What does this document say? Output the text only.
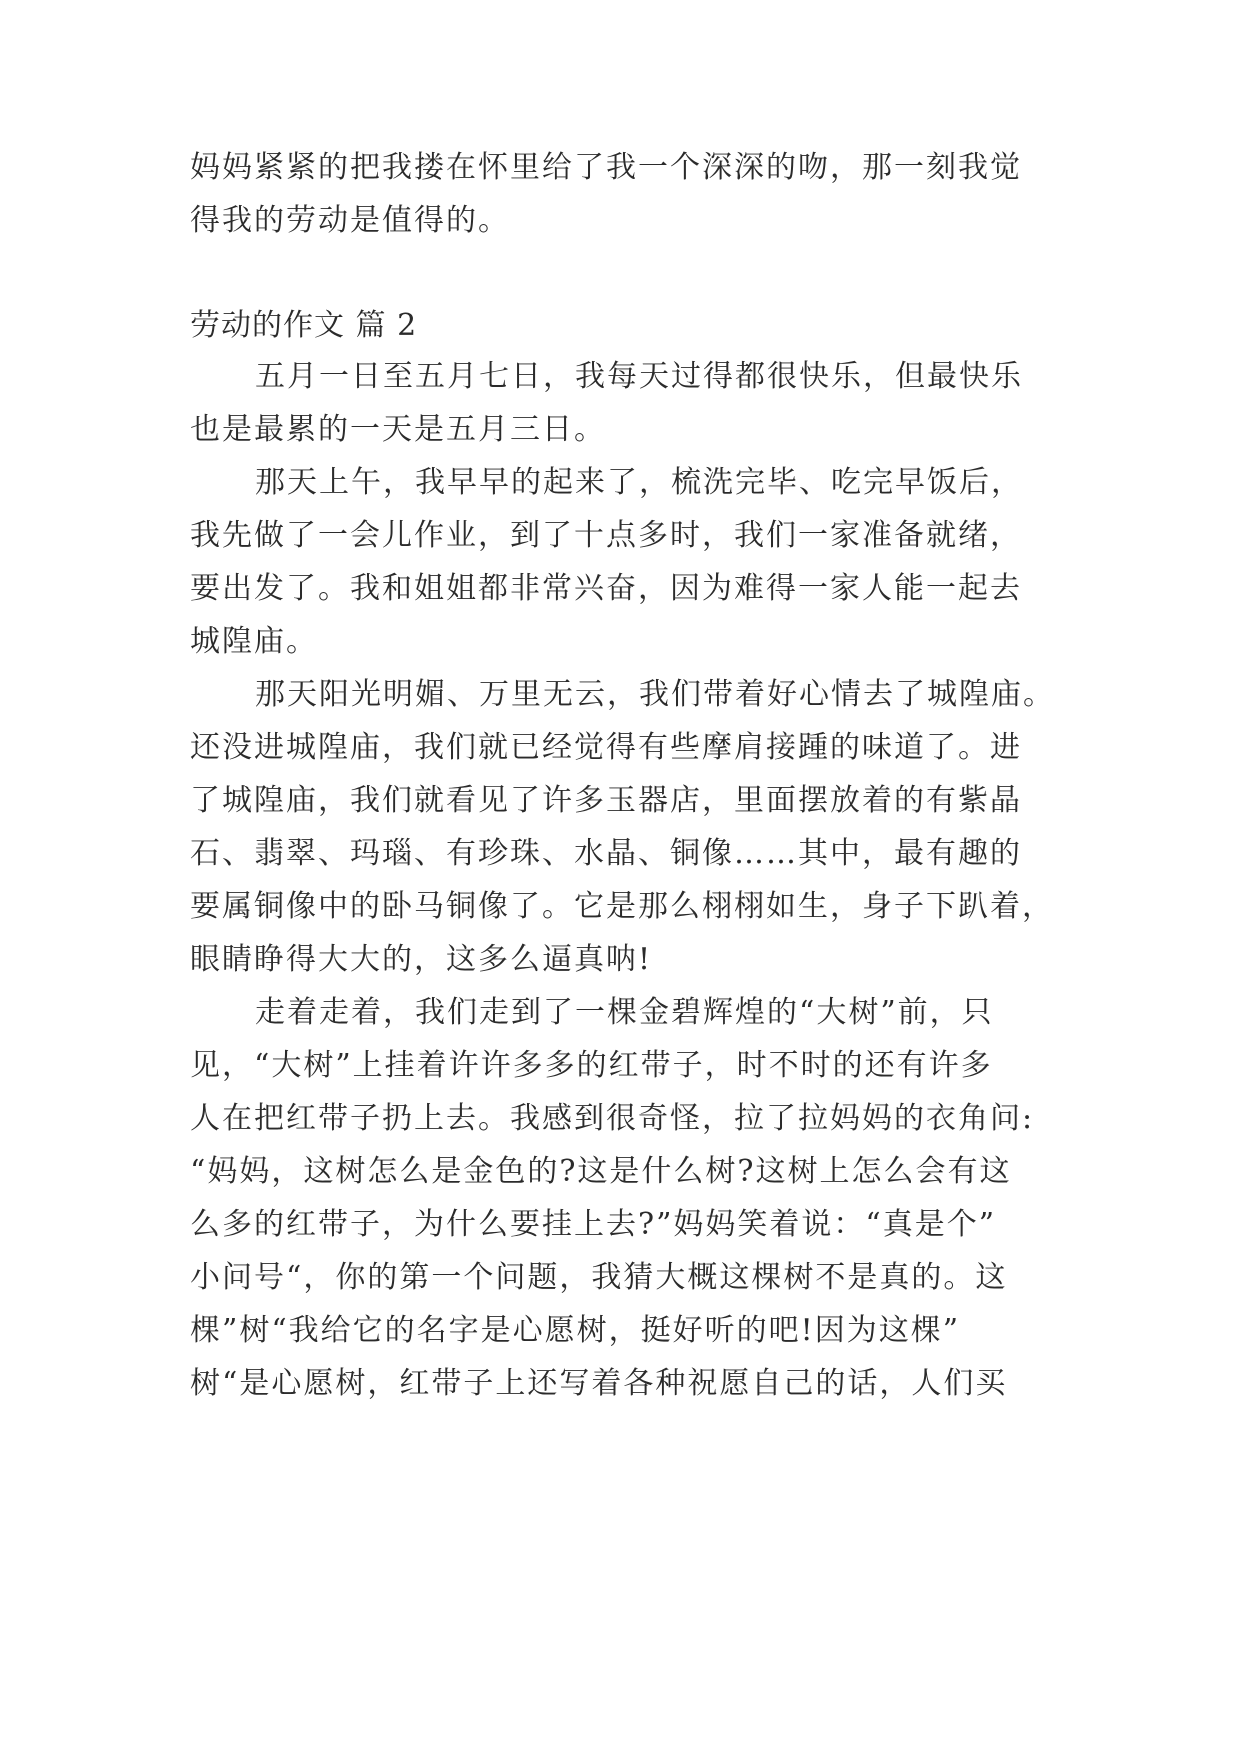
妈妈紧紧的把我搂在怀里给了我一个深深的吻，那一刻我觉
得我的劳动是值得的。
劳动的作文 篇 2
五月一日至五月七日，我每天过得都很快乐，但最快乐
也是最累的一天是五月三日。
那天上午，我早早的起来了，梳洗完毕、吃完早饭后，
我先做了一会儿作业，到了十点多时，我们一家准备就绪，
要出发了。我和姐姐都非常兴奋，因为难得一家人能一起去
城隍庙。
那天阳光明媚、万里无云，我们带着好心情去了城隍庙。
还没进城隍庙，我们就已经觉得有些摩肩接踵的味道了。进
了城隍庙，我们就看见了许多玉器店，里面摆放着的有紫晶
石、翡翠、玛瑙、有珍珠、水晶、铜像……其中，最有趣的
要属铜像中的卧马铜像了。它是那么栩栩如生，身子下趴着，
眼睛睁得大大的，这多么逼真呐!
走着走着，我们走到了一棵金碧辉煌的“大树”前，只
见，“大树”上挂着许许多多的红带子，时不时的还有许多
人在把红带子扔上去。我感到很奇怪，拉了拉妈妈的衣角问:
“妈妈，这树怎么是金色的?这是什么树?这树上怎么会有这
么多的红带子，为什么要挂上去?”妈妈笑着说：“真是个”
小问号“，你的第一个问题，我猜大概这棵树不是真的。这
棵”树“我给它的名字是心愿树，挺好听的吧!因为这棵”
树“是心愿树，红带子上还写着各种祝愿自己的话，人们买
